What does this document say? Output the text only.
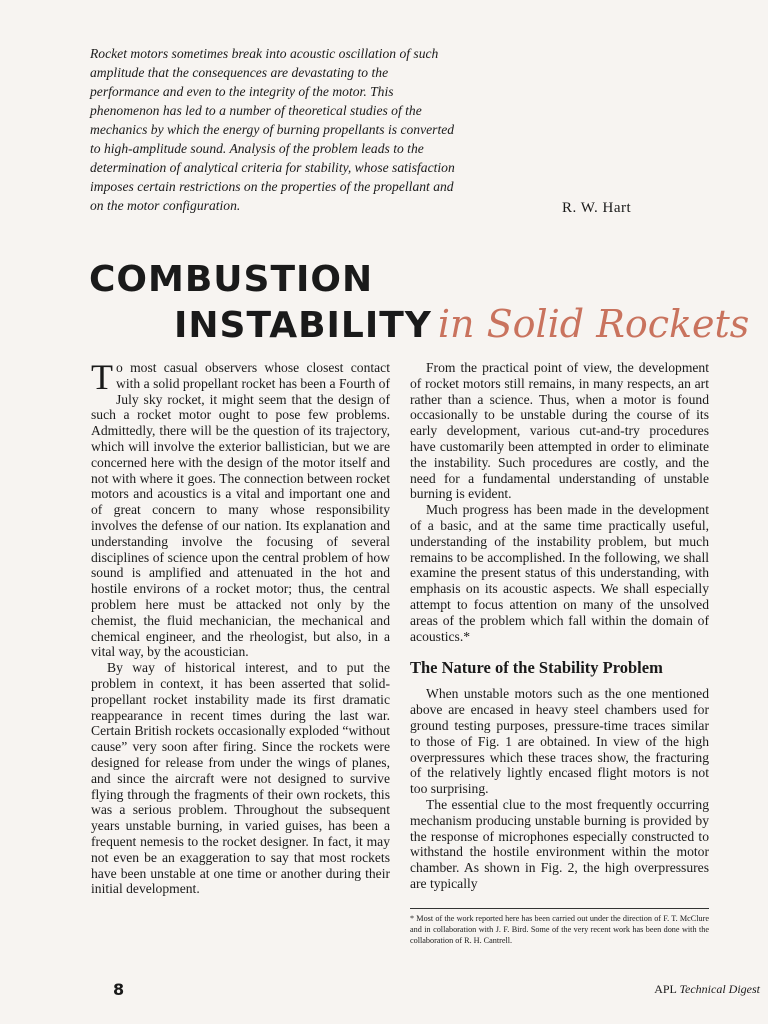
Rocket motors sometimes break into acoustic oscillation of such amplitude that the consequences are devastating to the performance and even to the integrity of the motor. This phenomenon has led to a number of theoretical studies of the mechanics by which the energy of burning propellants is converted to high-amplitude sound. Analysis of the problem leads to the determination of analytical criteria for stability, whose satisfaction imposes certain restrictions on the properties of the propellant and on the motor configuration.	R. W. Hart
COMBUSTION
INSTABILITY in Solid Rockets

To most casual observers whose closest contact with a solid propellant rocket has been a Fourth of July sky rocket, it might seem that the design of such a rocket motor ought to pose few problems. Admittedly, there will be the question of its trajectory, which will involve the exterior ballistician, but we are concerned here with the design of the motor itself and not with where it goes. The connection between rocket motors and acoustics is a vital and important one and of great concern to many whose responsibility involves the defense of our nation. Its explanation and understanding involve the focusing of several disciplines of science upon the central problem of how sound is amplified and attenuated in the hot and hostile environs of a rocket motor; thus, the central problem here must be attacked not only by the chemist, the fluid mechanician, the mechanical and chemical engineer, and the rheologist, but also, in a vital way, by the acoustician.

By way of historical interest, and to put the problem in context, it has been asserted that solid-propellant rocket instability made its first dramatic reappearance in recent times during the last war. Certain British rockets occasionally exploded “without cause” very soon after firing. Since the rockets were designed for release from under the wings of planes, and since the aircraft were not designed to survive flying through the fragments of their own rockets, this was a serious problem. Throughout the subsequent years unstable burning, in varied guises, has been a frequent nemesis to the rocket designer. In fact, it may not even be an exaggeration to say that most rockets have been unstable at one time or another during their initial development.

From the practical point of view, the development of rocket motors still remains, in many respects, an art rather than a science. Thus, when a motor is found occasionally to be unstable during the course of its early development, various cut-and-try procedures have customarily been attempted in order to eliminate the instability. Such procedures are costly, and the need for a fundamental understanding of unstable burning is evident.

Much progress has been made in the development of a basic, and at the same time practically useful, understanding of the instability problem, but much remains to be accomplished. In the following, we shall examine the present status of this understanding, with emphasis on its acoustic aspects. We shall especially attempt to focus attention on many of the unsolved areas of the problem which fall within the domain of acoustics.*

The Nature of the Stability Problem

When unstable motors such as the one mentioned above are encased in heavy steel chambers used for ground testing purposes, pressure-time traces similar to those of Fig. 1 are obtained. In view of the high overpressures which these traces show, the fracturing of the relatively lightly encased flight motors is not too surprising.

The essential clue to the most frequently occurring mechanism producing unstable burning is provided by the response of microphones especially constructed to withstand the hostile environment within the motor chamber. As shown in Fig. 2, the high overpressures are typically

* Most of the work reported here has been carried out under the direction of F. T. McClure and in collaboration with J. F. Bird. Some of the very recent work has been done with the collaboration of R. H. Cantrell.
8	APL Technical Digest
